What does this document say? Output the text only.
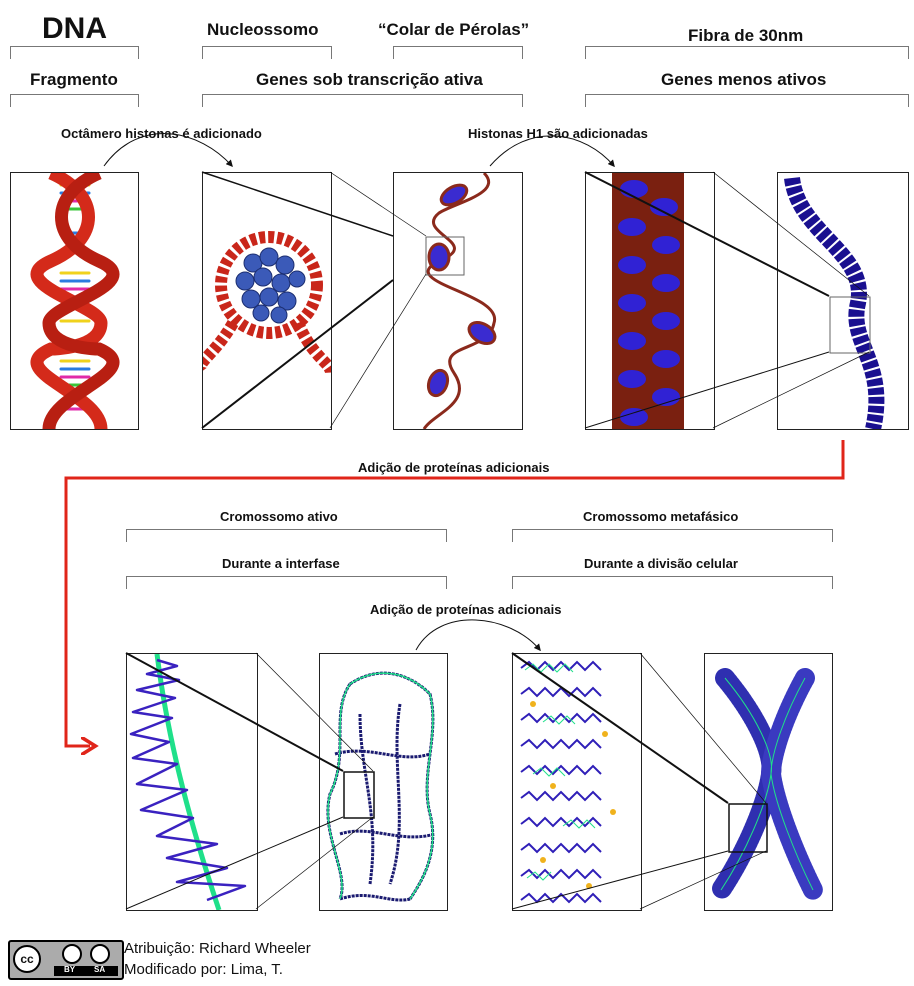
DNA	Nucleossomo	“Colar de Pérolas”	Fibra de 30nm
Fragmento	Genes sob transcrição ativa	Genes menos ativos
Octâmero histonas é adicionado	Histonas H1 são adicionadas
Adição de proteínas adicionais
Cromossomo ativo	Cromossomo metafásico
Durante a interfase	Durante a divisão celular
Adição de proteínas adicionais
cc
BY SA
Atribuição: Richard Wheeler
Modificado por: Lima, T.
